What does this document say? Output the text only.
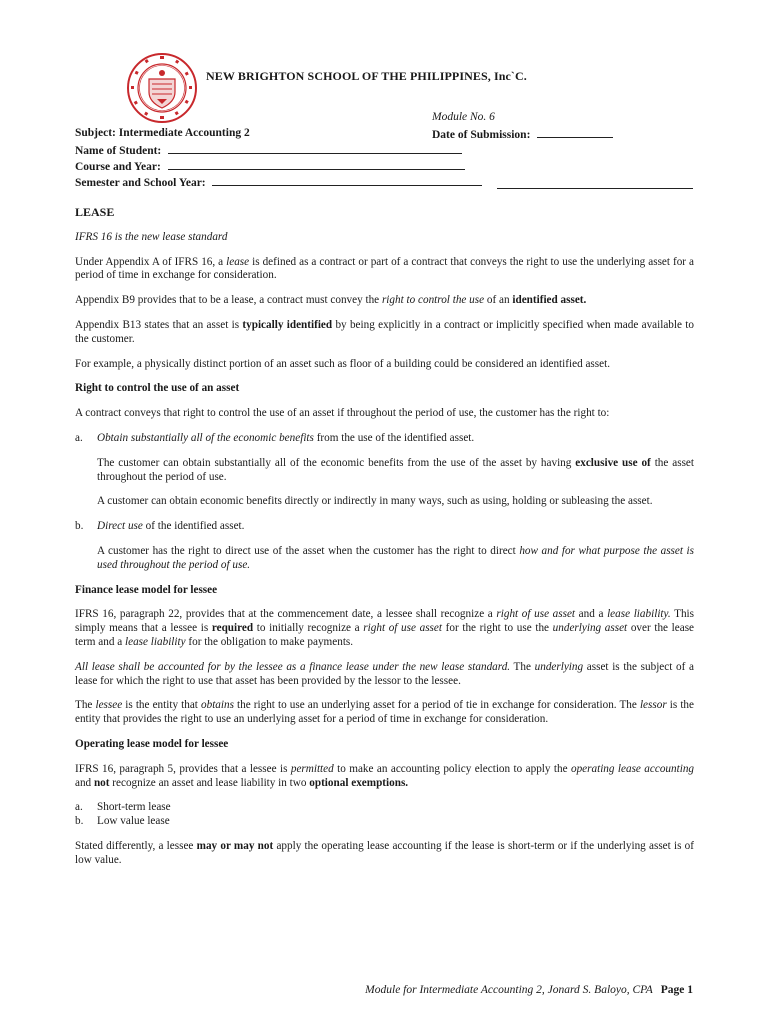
NEW BRIGHTON SCHOOL OF THE PHILIPPINES, Inc`C.
Module No. 6
Subject: Intermediate Accounting 2	Date of Submission:
Name of Student:
Course and Year:
Semester and School Year:

LEASE

IFRS 16 is the new lease standard

Under Appendix A of IFRS 16, a lease is defined as a contract or part of a contract that conveys the right to use the underlying asset for a period of time in exchange for consideration.

Appendix B9 provides that to be a lease, a contract must convey the right to control the use of an identified asset.

Appendix B13 states that an asset is typically identified by being explicitly in a contract or implicitly specified when made available to the customer.

For example, a physically distinct portion of an asset such as floor of a building could be considered an identified asset.

Right to control the use of an asset

A contract conveys that right to control the use of an asset if throughout the period of use, the customer has the right to:

a.	Obtain substantially all of the economic benefits from the use of the identified asset.

The customer can obtain substantially all of the economic benefits from the use of the asset by having exclusive use of the asset throughout the period of use.

A customer can obtain economic benefits directly or indirectly in many ways, such as using, holding or subleasing the asset.

b.	Direct use of the identified asset.

A customer has the right to direct use of the asset when the customer has the right to direct how and for what purpose the asset is used throughout the period of use.

Finance lease model for lessee

IFRS 16, paragraph 22, provides that at the commencement date, a lessee shall recognize a right of use asset and a lease liability. This simply means that a lessee is required to initially recognize a right of use asset for the right to use the underlying asset over the lease term and a lease liability for the obligation to make payments.

All lease shall be accounted for by the lessee as a finance lease under the new lease standard. The underlying asset is the subject of a lease for which the right to use that asset has been provided by the lessor to the lessee.

The lessee is the entity that obtains the right to use an underlying asset for a period of tie in exchange for consideration. The lessor is the entity that provides the right to use an underlying asset for a period of time in exchange for consideration.

Operating lease model for lessee

IFRS 16, paragraph 5, provides that a lessee is permitted to make an accounting policy election to apply the operating lease accounting and not recognize an asset and lease liability in two optional exemptions.

a.	Short-term lease
b.	Low value lease

Stated differently, a lessee may or may not apply the operating lease accounting if the lease is short-term or if the underlying asset is of low value.

Module for Intermediate Accounting 2, Jonard S. Baloyo, CPA Page 1
